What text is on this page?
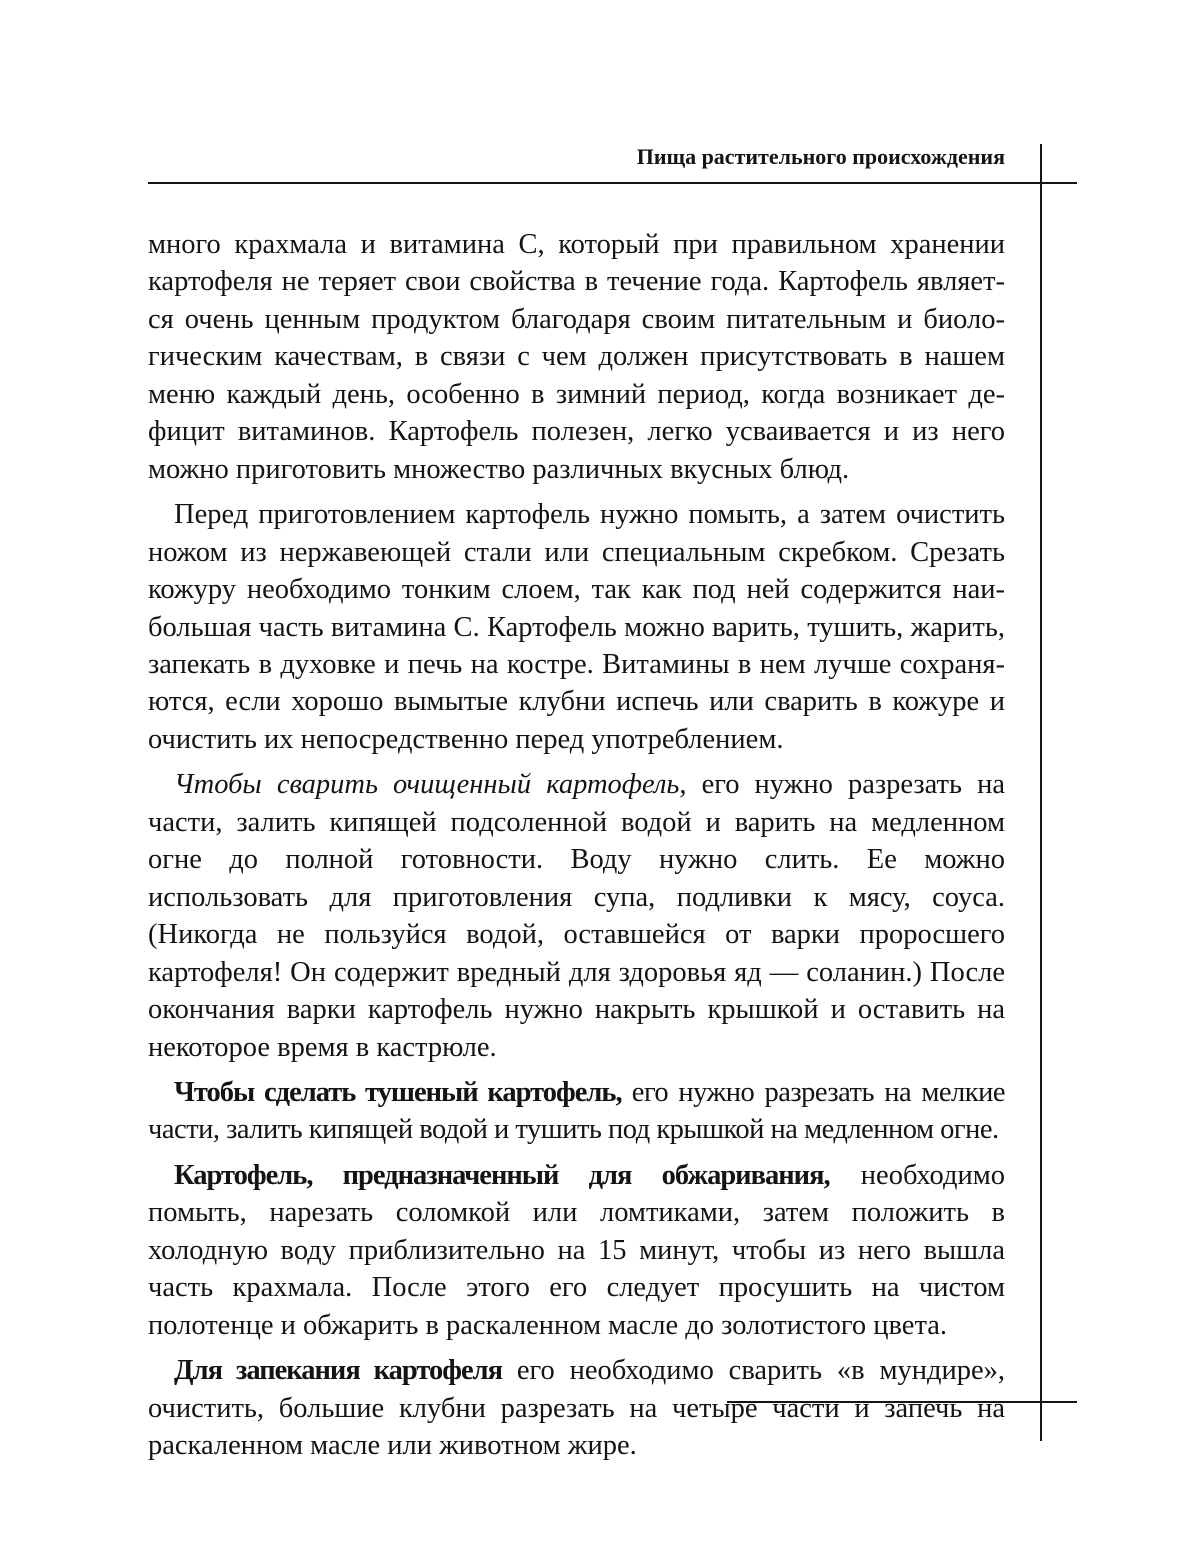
Пища растительного происхождения

много крахмала и витамина С, который при правильном хранении картофеля не теряет свои свойства в течение года. Картофель является очень ценным продуктом благодаря своим питательным и биологическим качествам, в связи с чем должен присутствовать в нашем меню каждый день, особенно в зимний период, когда возникает дефицит витаминов. Картофель полезен, легко усваивается и из него можно приготовить множество различных вкусных блюд.

Перед приготовлением картофель нужно помыть, а затем очистить ножом из нержавеющей стали или специальным скребком. Срезать кожуру необходимо тонким слоем, так как под ней содержится наибольшая часть витамина С. Картофель можно варить, тушить, жарить, запекать в духовке и печь на костре. Витамины в нем лучше сохраняются, если хорошо вымытые клубни испечь или сварить в кожуре и очистить их непосредственно перед употреблением.

Чтобы сварить очищенный картофель, его нужно разрезать на части, залить кипящей подсоленной водой и варить на медленном огне до полной готовности. Воду нужно слить. Ее можно использовать для приготовления супа, подливки к мясу, соуса. (Никогда не пользуйся водой, оставшейся от варки проросшего картофеля! Он содержит вредный для здоровья яд — соланин.) После окончания варки картофель нужно накрыть крышкой и оставить на некоторое время в кастрюле.

Чтобы сделать тушеный картофель, его нужно разрезать на мелкие части, залить кипящей водой и тушить под крышкой на медленном огне.

Картофель, предназначенный для обжаривания, необходимо помыть, нарезать соломкой или ломтиками, затем положить в холодную воду приблизительно на 15 минут, чтобы из него вышла часть крахмала. После этого его следует просушить на чистом полотенце и обжарить в раскаленном масле до золотистого цвета.

Для запекания картофеля его необходимо сварить «в мундире», очистить, большие клубни разрезать на четыре части и запечь на раскаленном масле или животном жире.
